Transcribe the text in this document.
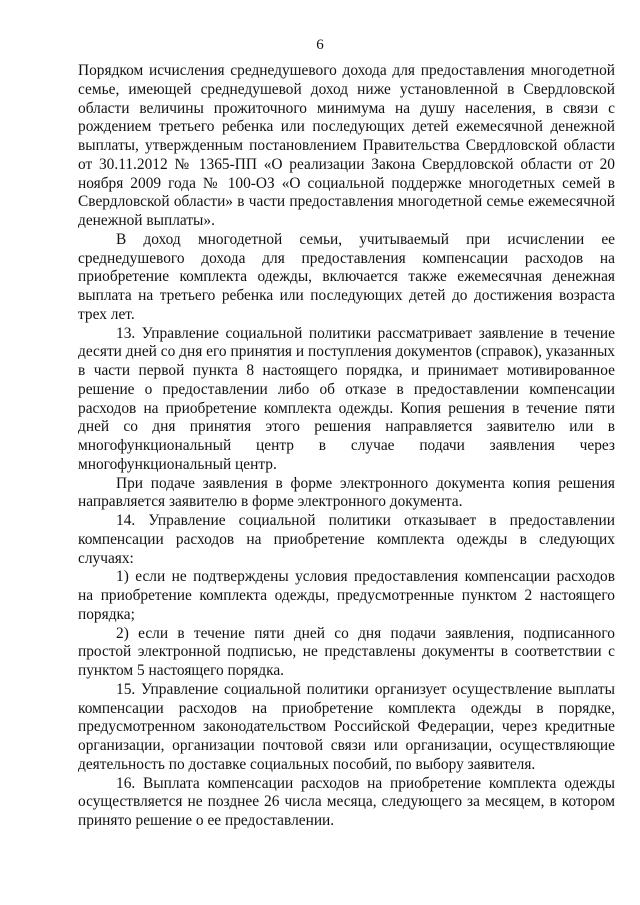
6

Порядком исчисления среднедушевого дохода для предоставления многодетной семье, имеющей среднедушевой доход ниже установленной в Свердловской области величины прожиточного минимума на душу населения, в связи с рождением третьего ребенка или последующих детей ежемесячной денежной выплаты, утвержденным постановлением Правительства Свердловской области от 30.11.2012 № 1365-ПП «О реализации Закона Свердловской области от 20 ноября 2009 года № 100-ОЗ «О социальной поддержке многодетных семей в Свердловской области» в части предоставления многодетной семье ежемесячной денежной выплаты».

В доход многодетной семьи, учитываемый при исчислении ее среднедушевого дохода для предоставления компенсации расходов на приобретение комплекта одежды, включается также ежемесячная денежная выплата на третьего ребенка или последующих детей до достижения возраста трех лет.

13. Управление социальной политики рассматривает заявление в течение десяти дней со дня его принятия и поступления документов (справок), указанных в части первой пункта 8 настоящего порядка, и принимает мотивированное решение о предоставлении либо об отказе в предоставлении компенсации расходов на приобретение комплекта одежды. Копия решения в течение пяти дней со дня принятия этого решения направляется заявителю или в многофункциональный центр в случае подачи заявления через многофункциональный центр.

При подаче заявления в форме электронного документа копия решения направляется заявителю в форме электронного документа.

14. Управление социальной политики отказывает в предоставлении компенсации расходов на приобретение комплекта одежды в следующих случаях:

1) если не подтверждены условия предоставления компенсации расходов на приобретение комплекта одежды, предусмотренные пунктом 2 настоящего порядка;

2) если в течение пяти дней со дня подачи заявления, подписанного простой электронной подписью, не представлены документы в соответствии с пунктом 5 настоящего порядка.

15. Управление социальной политики организует осуществление выплаты компенсации расходов на приобретение комплекта одежды в порядке, предусмотренном законодательством Российской Федерации, через кредитные организации, организации почтовой связи или организации, осуществляющие деятельность по доставке социальных пособий, по выбору заявителя.

16. Выплата компенсации расходов на приобретение комплекта одежды осуществляется не позднее 26 числа месяца, следующего за месяцем, в котором принято решение о ее предоставлении.
